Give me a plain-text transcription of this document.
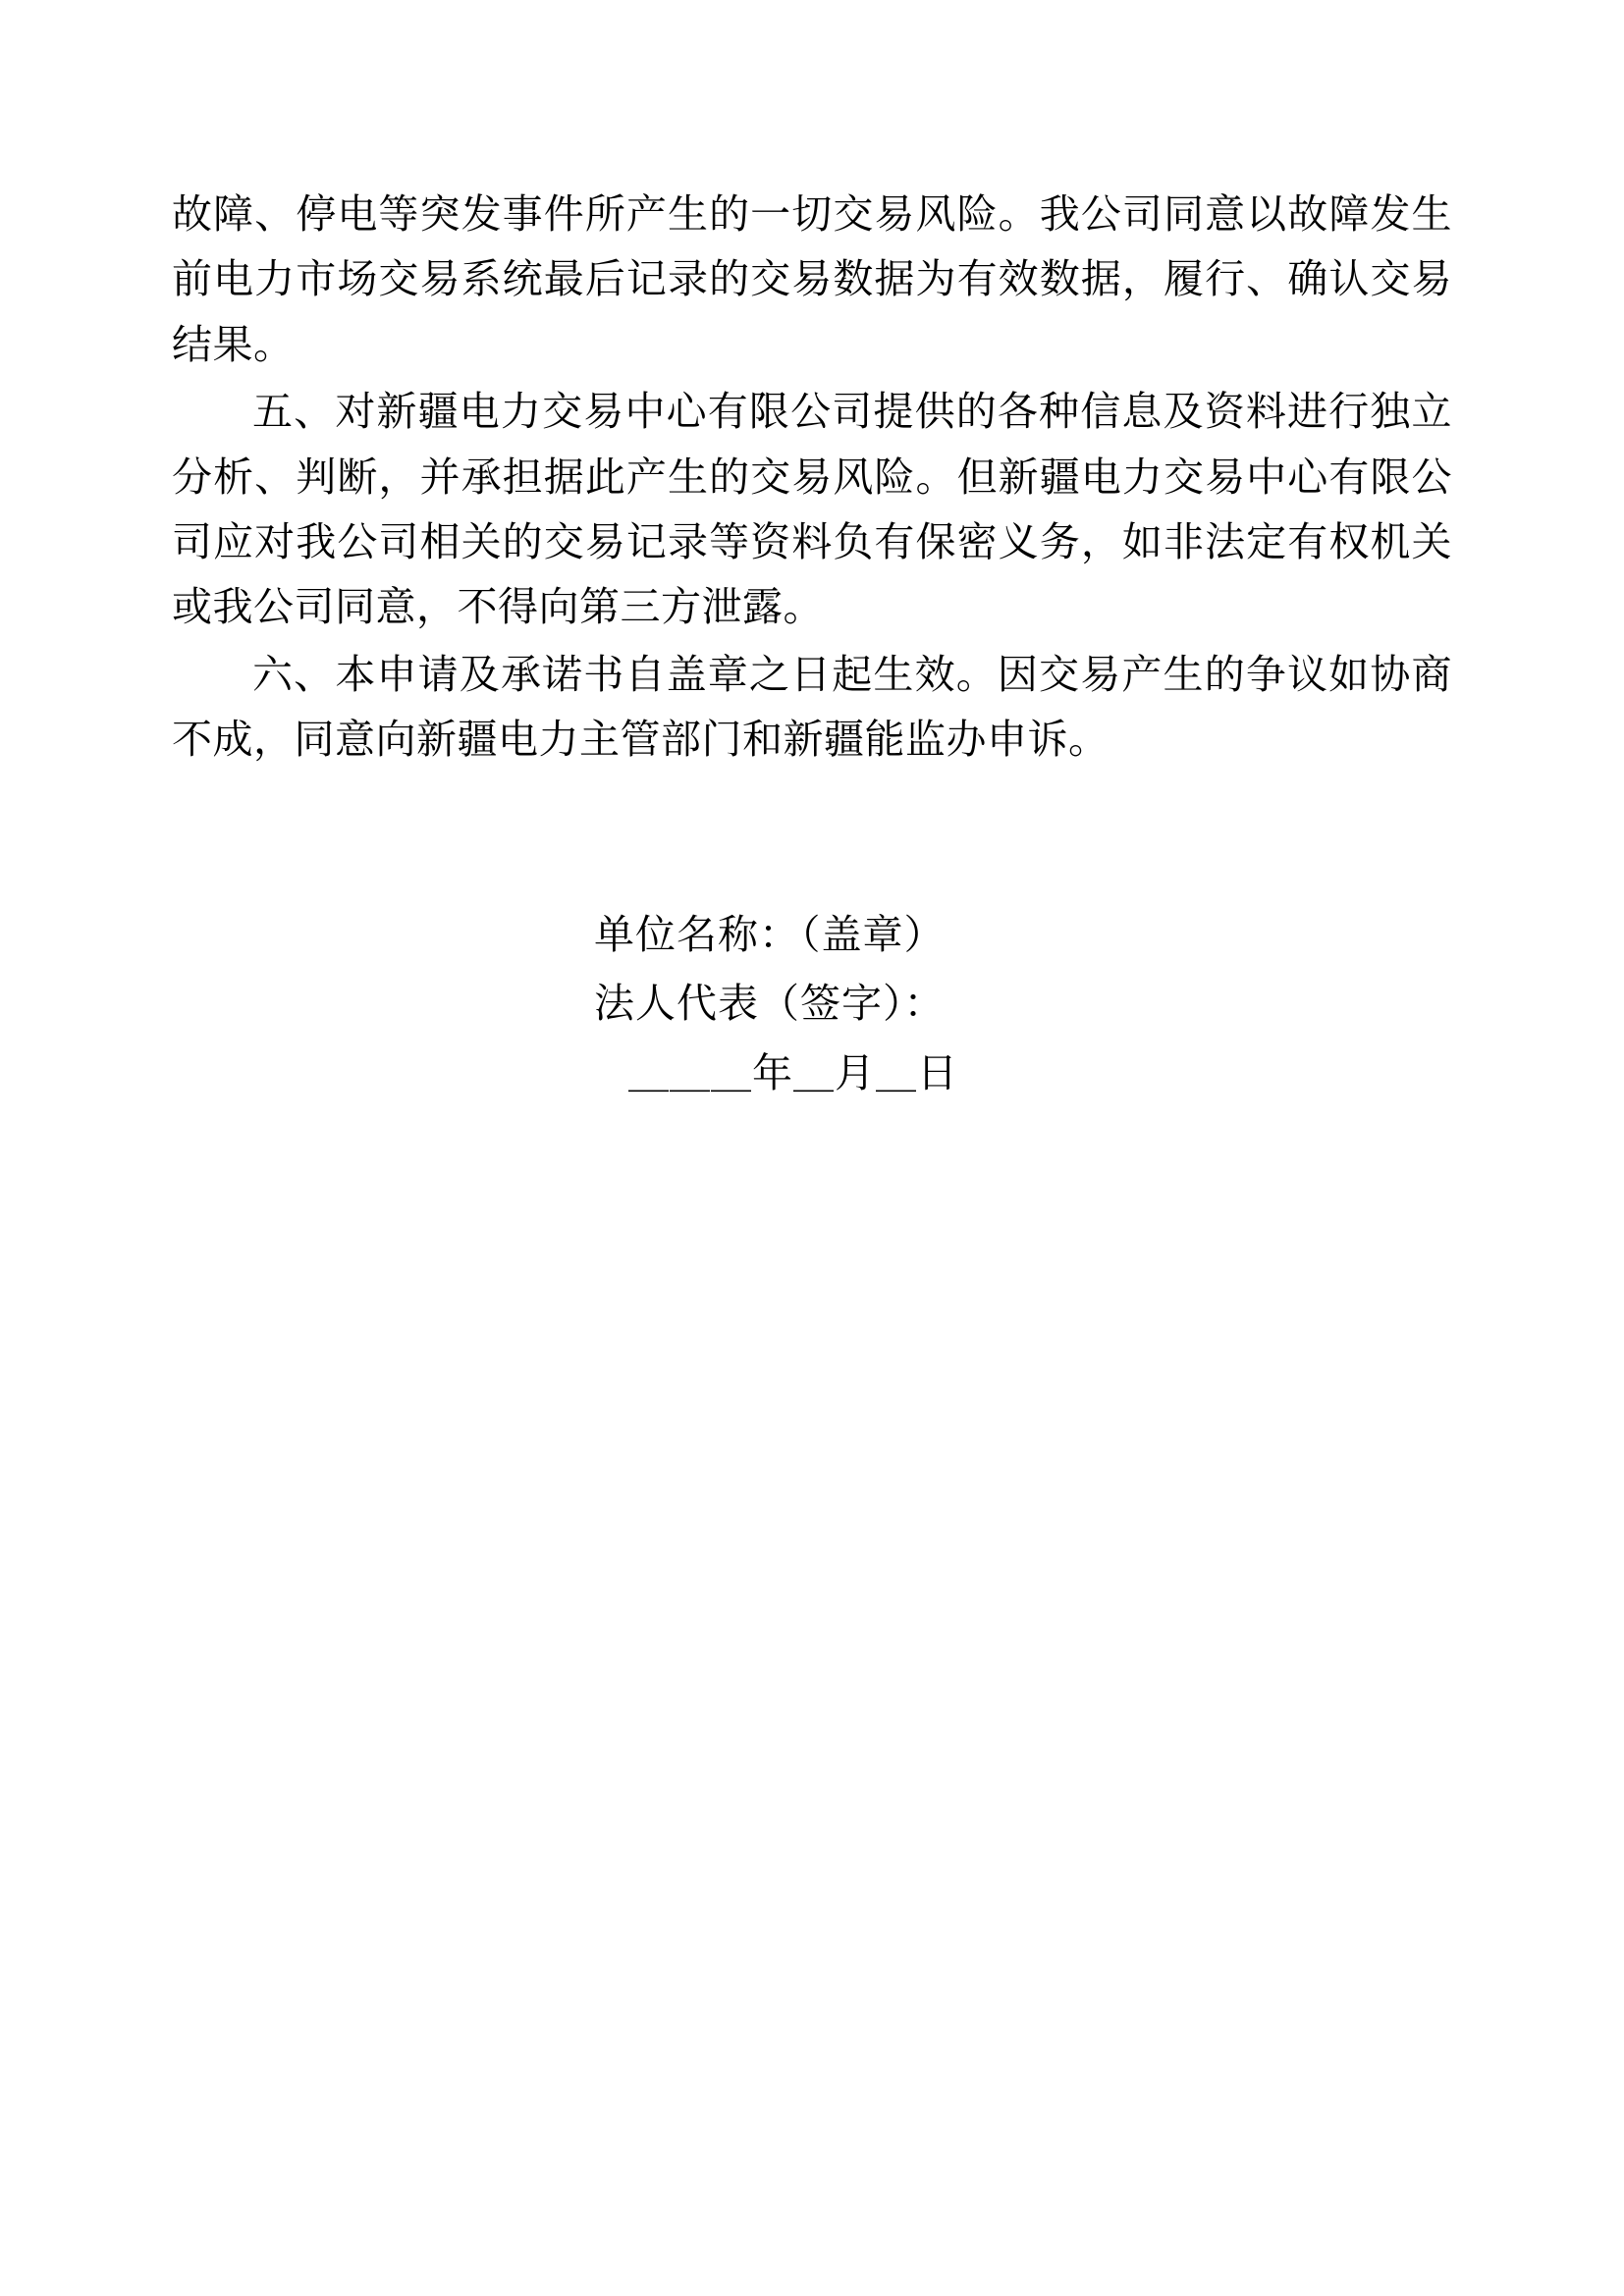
故障、停电等突发事件所产生的一切交易风险。我公司同意以故障发生前电力市场交易系统最后记录的交易数据为有效数据，履行、确认交易结果。

五、对新疆电力交易中心有限公司提供的各种信息及资料进行独立分析、判断，并承担据此产生的交易风险。但新疆电力交易中心有限公司应对我公司相关的交易记录等资料负有保密义务，如非法定有权机关或我公司同意，不得向第三方泄露。

六、本申请及承诺书自盖章之日起生效。因交易产生的争议如协商不成，同意向新疆电力主管部门和新疆能监办申诉。

单位名称：（盖章）

法人代表（签字）：

＿＿＿年＿月＿日
